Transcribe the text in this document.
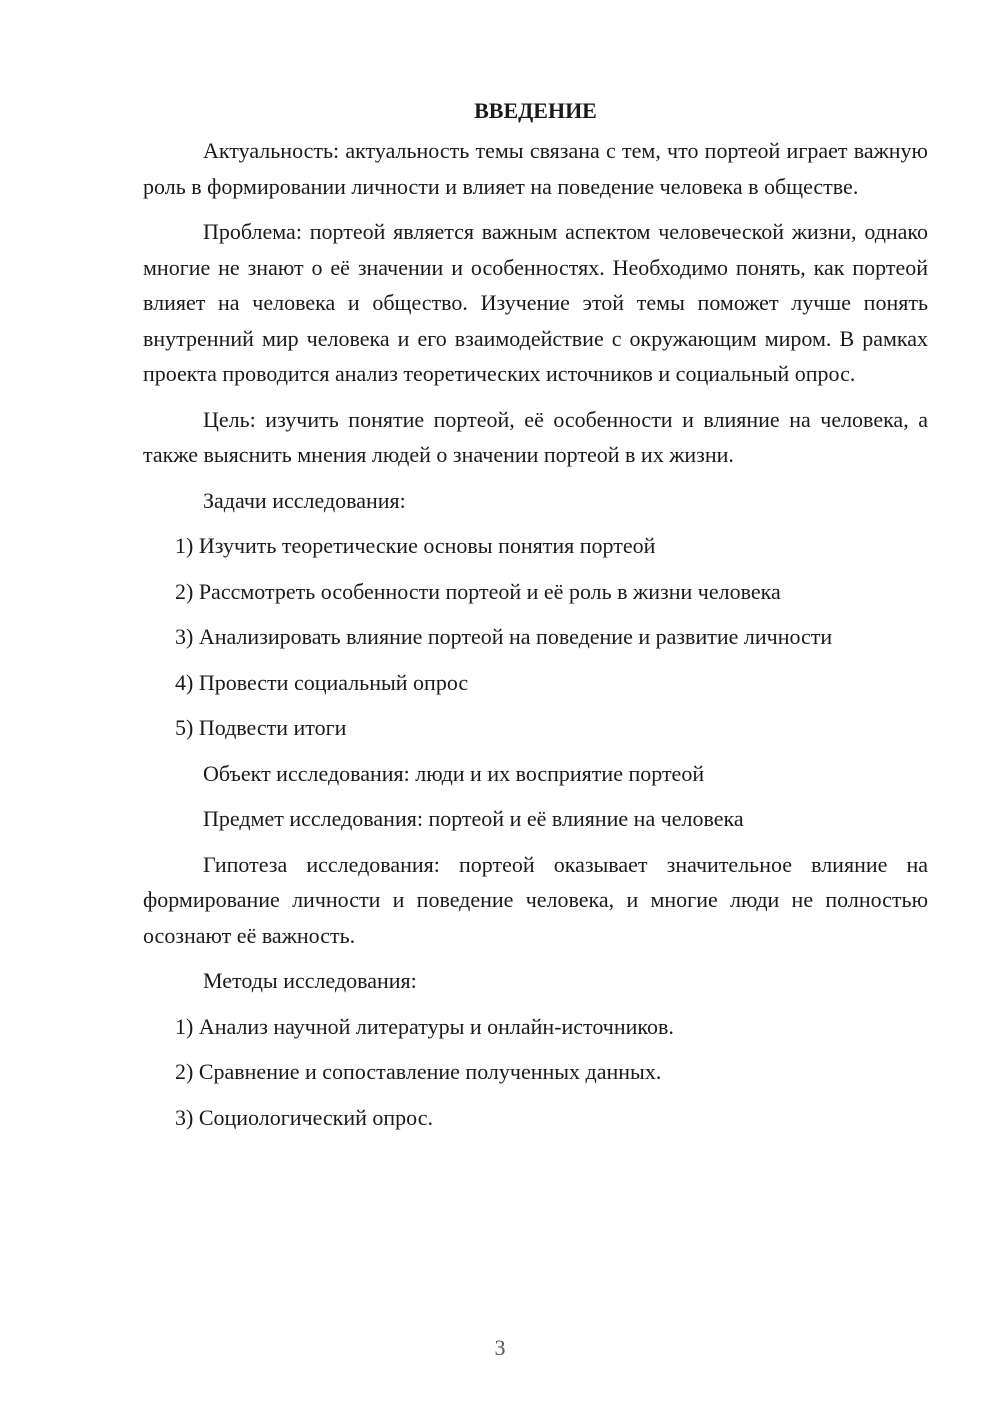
ВВЕДЕНИЕ

Актуальность: актуальность темы связана с тем, что портеой играет важную роль в формировании личности и влияет на поведение человека в обществе.

Проблема: портеой является важным аспектом человеческой жизни, однако многие не знают о её значении и особенностях. Необходимо понять, как портеой влияет на человека и общество. Изучение этой темы поможет лучше понять внутренний мир человека и его взаимодействие с окружающим миром. В рамках проекта проводится анализ теоретических источников и социальный опрос.

Цель: изучить понятие портеой, её особенности и влияние на человека, а также выяснить мнения людей о значении портеой в их жизни.

Задачи исследования:
1) Изучить теоретические основы понятия портеой
2) Рассмотреть особенности портеой и её роль в жизни человека
3) Анализировать влияние портеой на поведение и развитие личности
4) Провести социальный опрос
5) Подвести итоги
Объект исследования: люди и их восприятие портеой
Предмет исследования: портеой и её влияние на человека

Гипотеза исследования: портеой оказывает значительное влияние на формирование личности и поведение человека, и многие люди не полностью осознают её важность.

Методы исследования:
1) Анализ научной литературы и онлайн-источников.
2) Сравнение и сопоставление полученных данных.
3) Социологический опрос.
3
